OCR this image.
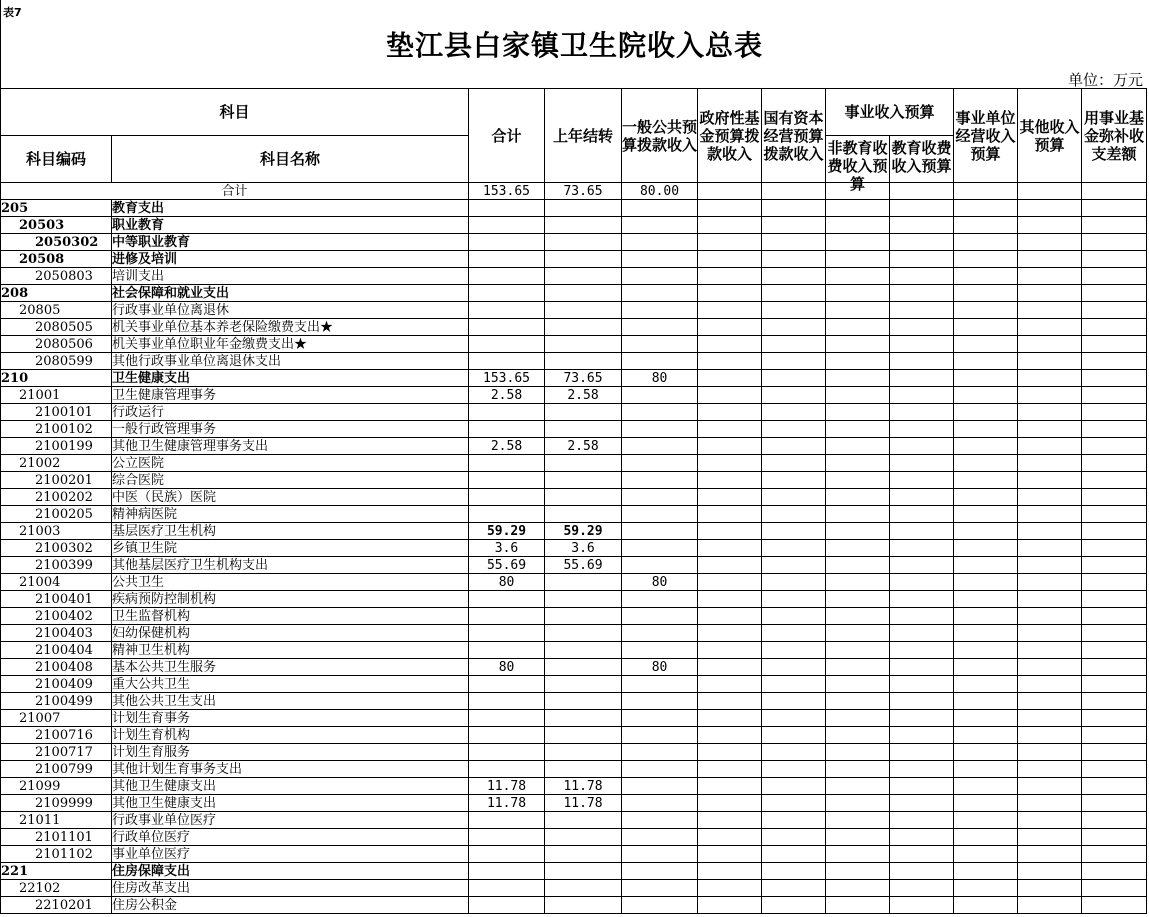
表7
垫江县白家镇卫生院收入总表
单位：万元
科目		合计	上年结转	一般公共预算拨款收入	政府性基金预算拨款收入	国有资本经营预算拨款收入	事业收入预算		事业单位经营收入预算	其他收入预算	用事业基金弥补收支差额
科目编码	科目名称						非教育收费收入预算	教育收费收入预算			

合计		153.65	73.65	80.00							
205	教育支出										
20503	职业教育										
2050302	中等职业教育										
20508	进修及培训										
2050803	培训支出										
208	社会保障和就业支出										
20805	行政事业单位离退休										
2080505	机关事业单位基本养老保险缴费支出★										
2080506	机关事业单位职业年金缴费支出★										
2080599	其他行政事业单位离退休支出										
210	卫生健康支出	153.65	73.65	80							
21001	卫生健康管理事务	2.58	2.58								
2100101	行政运行										
2100102	一般行政管理事务										
2100199	其他卫生健康管理事务支出	2.58	2.58								
21002	公立医院										
2100201	综合医院										
2100202	中医（民族）医院										
2100205	精神病医院										
21003	基层医疗卫生机构	59.29	59.29								
2100302	乡镇卫生院	3.6	3.6								
2100399	其他基层医疗卫生机构支出	55.69	55.69								
21004	公共卫生	80		80							
2100401	疾病预防控制机构										
2100402	卫生监督机构										
2100403	妇幼保健机构										
2100404	精神卫生机构										
2100408	基本公共卫生服务	80		80							
2100409	重大公共卫生										
2100499	其他公共卫生支出										
21007	计划生育事务										
2100716	计划生育机构										
2100717	计划生育服务										
2100799	其他计划生育事务支出										
21099	其他卫生健康支出	11.78	11.78								
2109999	其他卫生健康支出	11.78	11.78								
21011	行政事业单位医疗										
2101101	行政单位医疗										
2101102	事业单位医疗										
221	住房保障支出										
22102	住房改革支出										
2210201	住房公积金										
